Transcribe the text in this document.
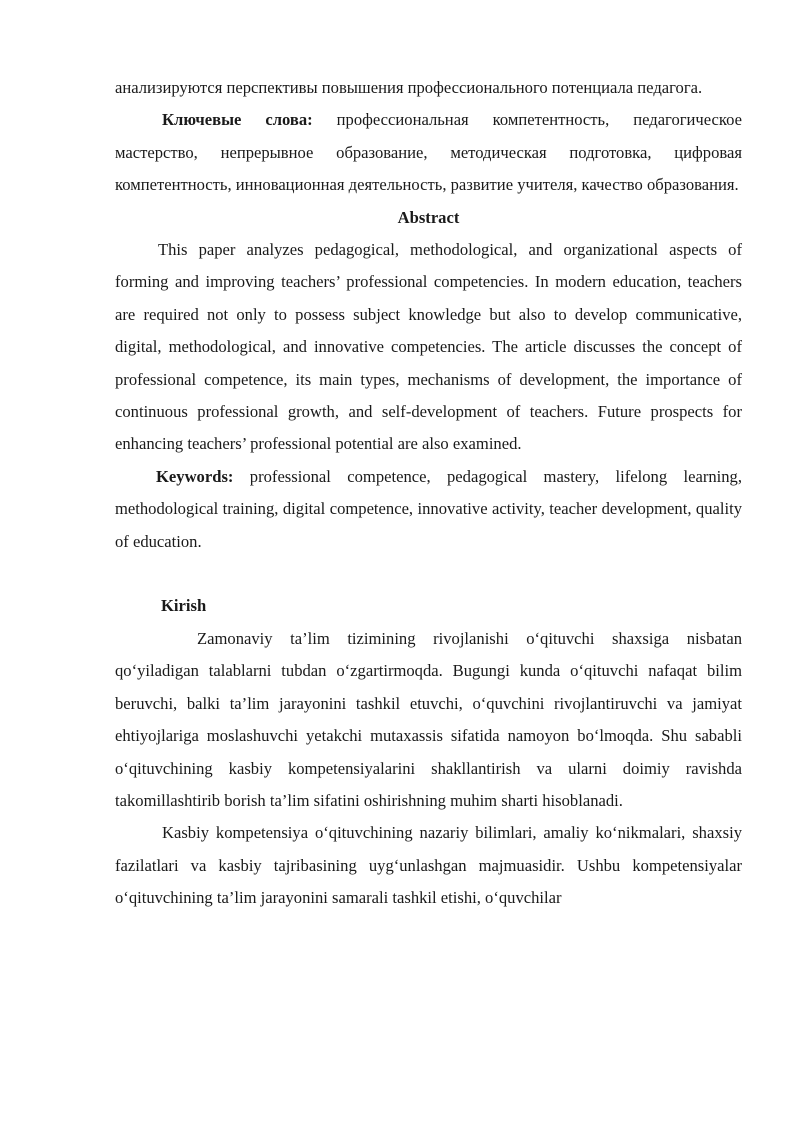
анализируются перспективы повышения профессионального потенциала педагога.

Ключевые слова: профессиональная компетентность, педагогическое мастерство, непрерывное образование, методическая подготовка, цифровая компетентность, инновационная деятельность, развитие учителя, качество образования.

Abstract

This paper analyzes pedagogical, methodological, and organizational aspects of forming and improving teachers’ professional competencies. In modern education, teachers are required not only to possess subject knowledge but also to develop communicative, digital, methodological, and innovative competencies. The article discusses the concept of professional competence, its main types, mechanisms of development, the importance of continuous professional growth, and self-development of teachers. Future prospects for enhancing teachers’ professional potential are also examined.

Keywords: professional competence, pedagogical mastery, lifelong learning, methodological training, digital competence, innovative activity, teacher development, quality of education.

Kirish

Zamonaviy ta’lim tizimining rivojlanishi o‘qituvchi shaxsiga nisbatan qo‘yiladigan talablarni tubdan o‘zgartirmoqda. Bugungi kunda o‘qituvchi nafaqat bilim beruvchi, balki ta’lim jarayonini tashkil etuvchi, o‘quvchini rivojlantiruvchi va jamiyat ehtiyojlariga moslashuvchi yetakchi mutaxassis sifatida namoyon bo‘lmoqda. Shu sababli o‘qituvchining kasbiy kompetensiyalarini shakllantirish va ularni doimiy ravishda takomillashtirib borish ta’lim sifatini oshirishning muhim sharti hisoblanadi.

Kasbiy kompetensiya o‘qituvchining nazariy bilimlari, amaliy ko‘nikmalari, shaxsiy fazilatlari va kasbiy tajribasining uyg‘unlashgan majmuasidir. Ushbu kompetensiyalar o‘qituvchining ta’lim jarayonini samarali tashkil etishi, o‘quvchilar
